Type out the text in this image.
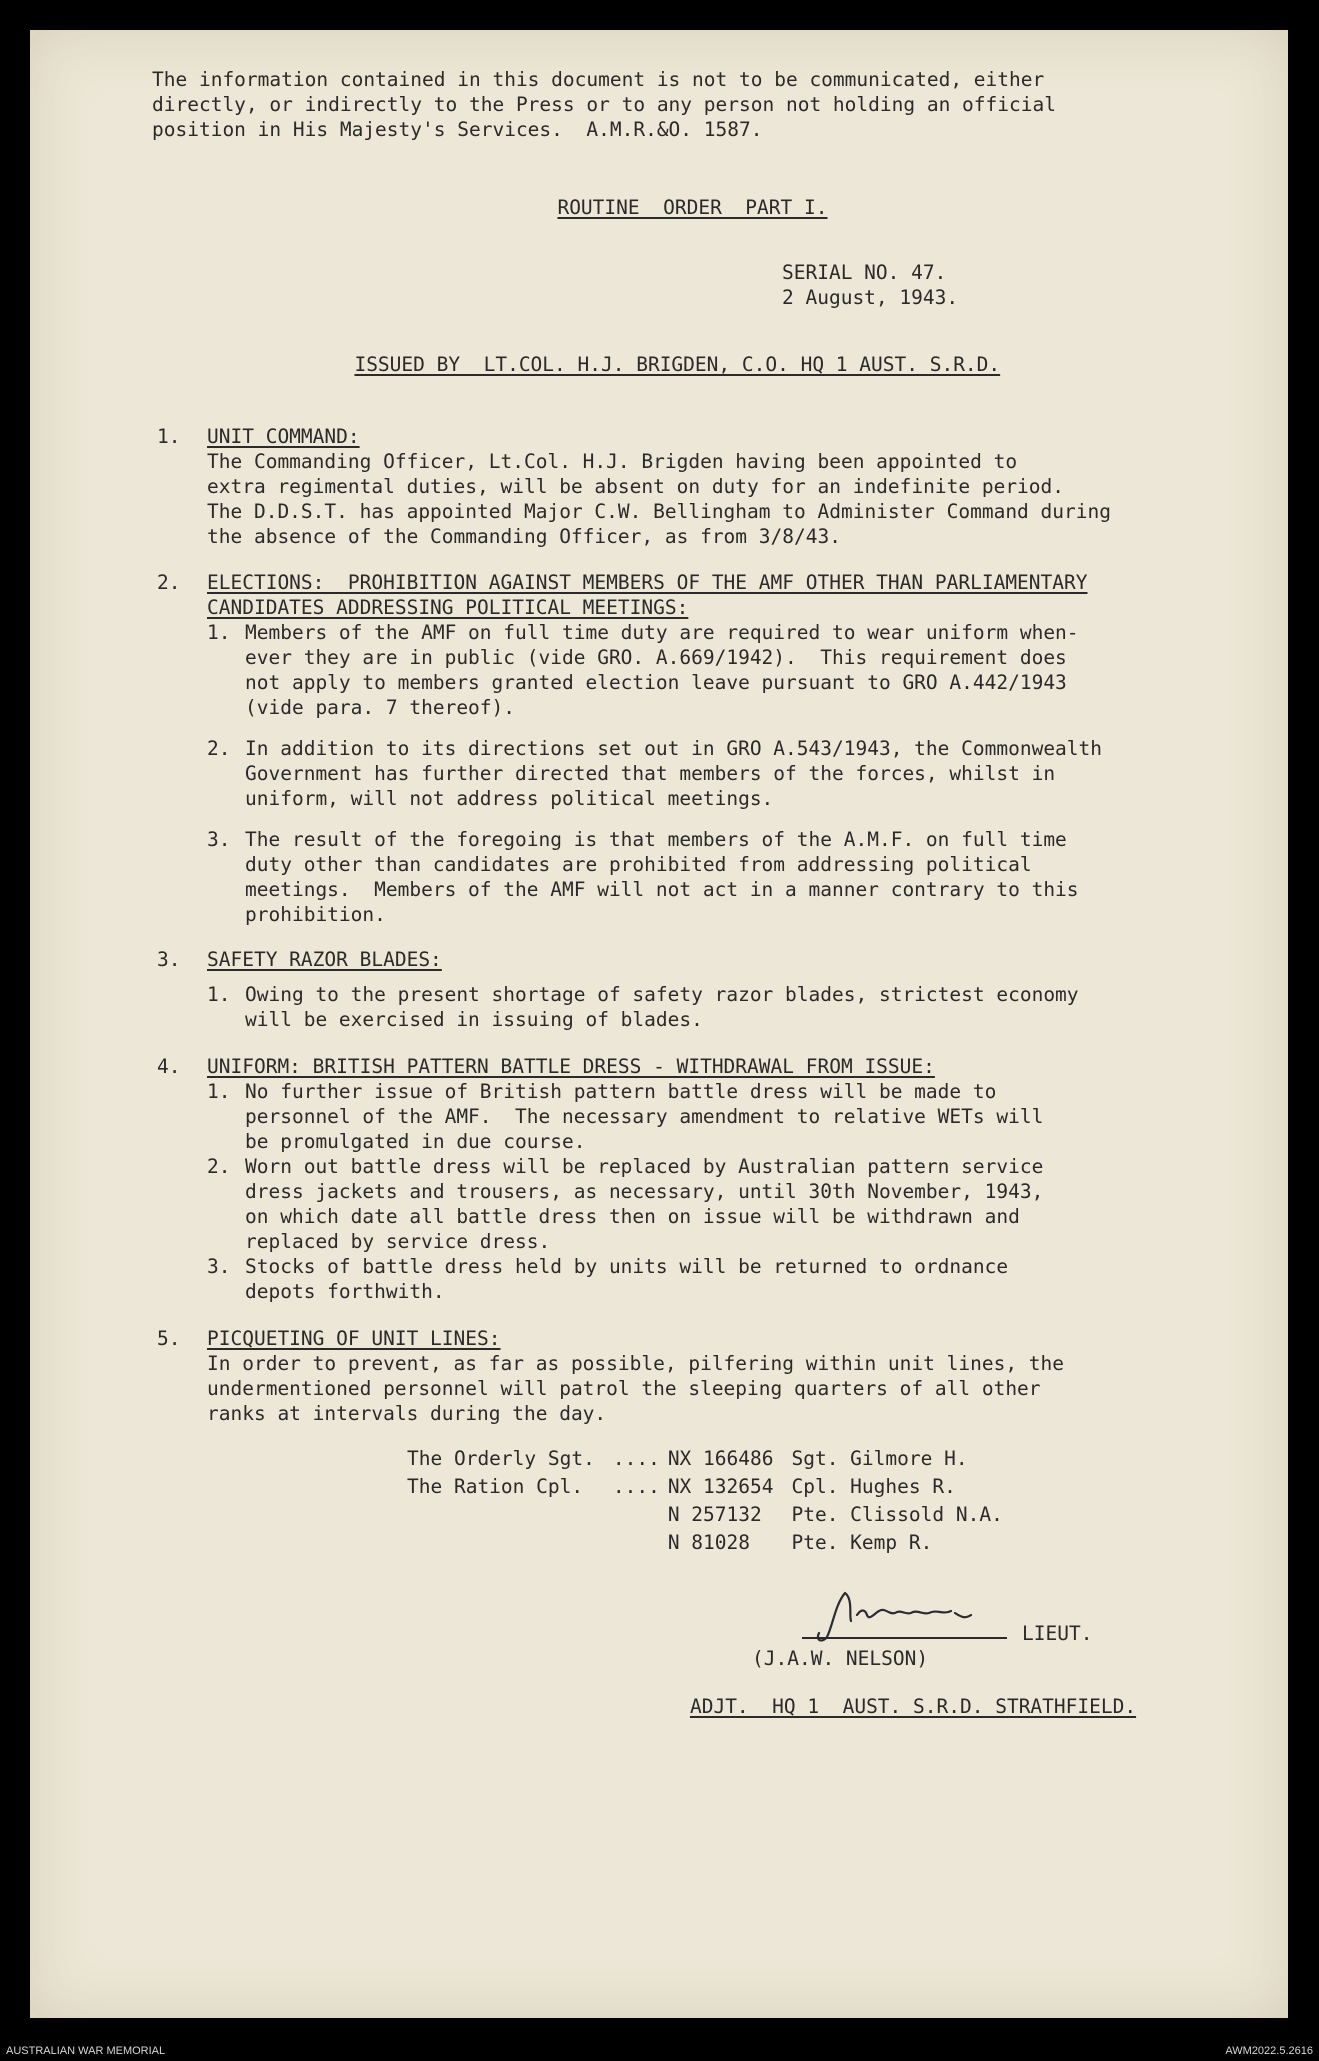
The information contained in this document is not to be communicated, either
directly, or indirectly to the Press or to any person not holding an official
position in His Majesty's Services.  A.M.R.&O. 1587.

ROUTINE  ORDER  PART I.

SERIAL NO. 47.
2 August, 1943.

ISSUED BY  LT.COL. H.J. BRIGDEN, C.O. HQ 1 AUST. S.R.D.

1.	UNIT COMMAND:
The Commanding Officer, Lt.Col. H.J. Brigden having been appointed to
extra regimental duties, will be absent on duty for an indefinite period.
The D.D.S.T. has appointed Major C.W. Bellingham to Administer Command during
the absence of the Commanding Officer, as from 3/8/43.
2.	ELECTIONS:  PROHIBITION AGAINST MEMBERS OF THE AMF OTHER THAN PARLIAMENTARY
CANDIDATES ADDRESSING POLITICAL MEETINGS:
1. Members of the AMF on full time duty are required to wear uniform when-
ever they are in public (vide GRO. A.669/1942).  This requirement does
not apply to members granted election leave pursuant to GRO A.442/1943
(vide para. 7 thereof).
2. In addition to its directions set out in GRO A.543/1943, the Commonwealth
Government has further directed that members of the forces, whilst in
uniform, will not address political meetings.
3. The result of the foregoing is that members of the A.M.F. on full time
duty other than candidates are prohibited from addressing political
meetings.  Members of the AMF will not act in a manner contrary to this
prohibition.
3.	SAFETY RAZOR BLADES:
1. Owing to the present shortage of safety razor blades, strictest economy
will be exercised in issuing of blades.
4.	UNIFORM: BRITISH PATTERN BATTLE DRESS - WITHDRAWAL FROM ISSUE:
1. No further issue of British pattern battle dress will be made to
personnel of the AMF.  The necessary amendment to relative WETs will
be promulgated in due course.
2. Worn out battle dress will be replaced by Australian pattern service
dress jackets and trousers, as necessary, until 30th November, 1943,
on which date all battle dress then on issue will be withdrawn and
replaced by service dress.
3. Stocks of battle dress held by units will be returned to ordnance
depots forthwith.
5.	PICQUETING OF UNIT LINES:
In order to prevent, as far as possible, pilfering within unit lines, the
undermentioned personnel will patrol the sleeping quarters of all other
ranks at intervals during the day.
The Orderly Sgt.	....	NX 166486	Sgt. Gilmore H.
The Ration Cpl.	....	NX 132654	Cpl. Hughes R.
		N 257132	Pte. Clissold N.A.
		N 81028	Pte. Kemp R.
LIEUT.
(J.A.W. NELSON)

ADJT.  HQ 1  AUST. S.R.D. STRATHFIELD.

AUSTRALIAN WAR MEMORIAL	AWM2022.5.2616
